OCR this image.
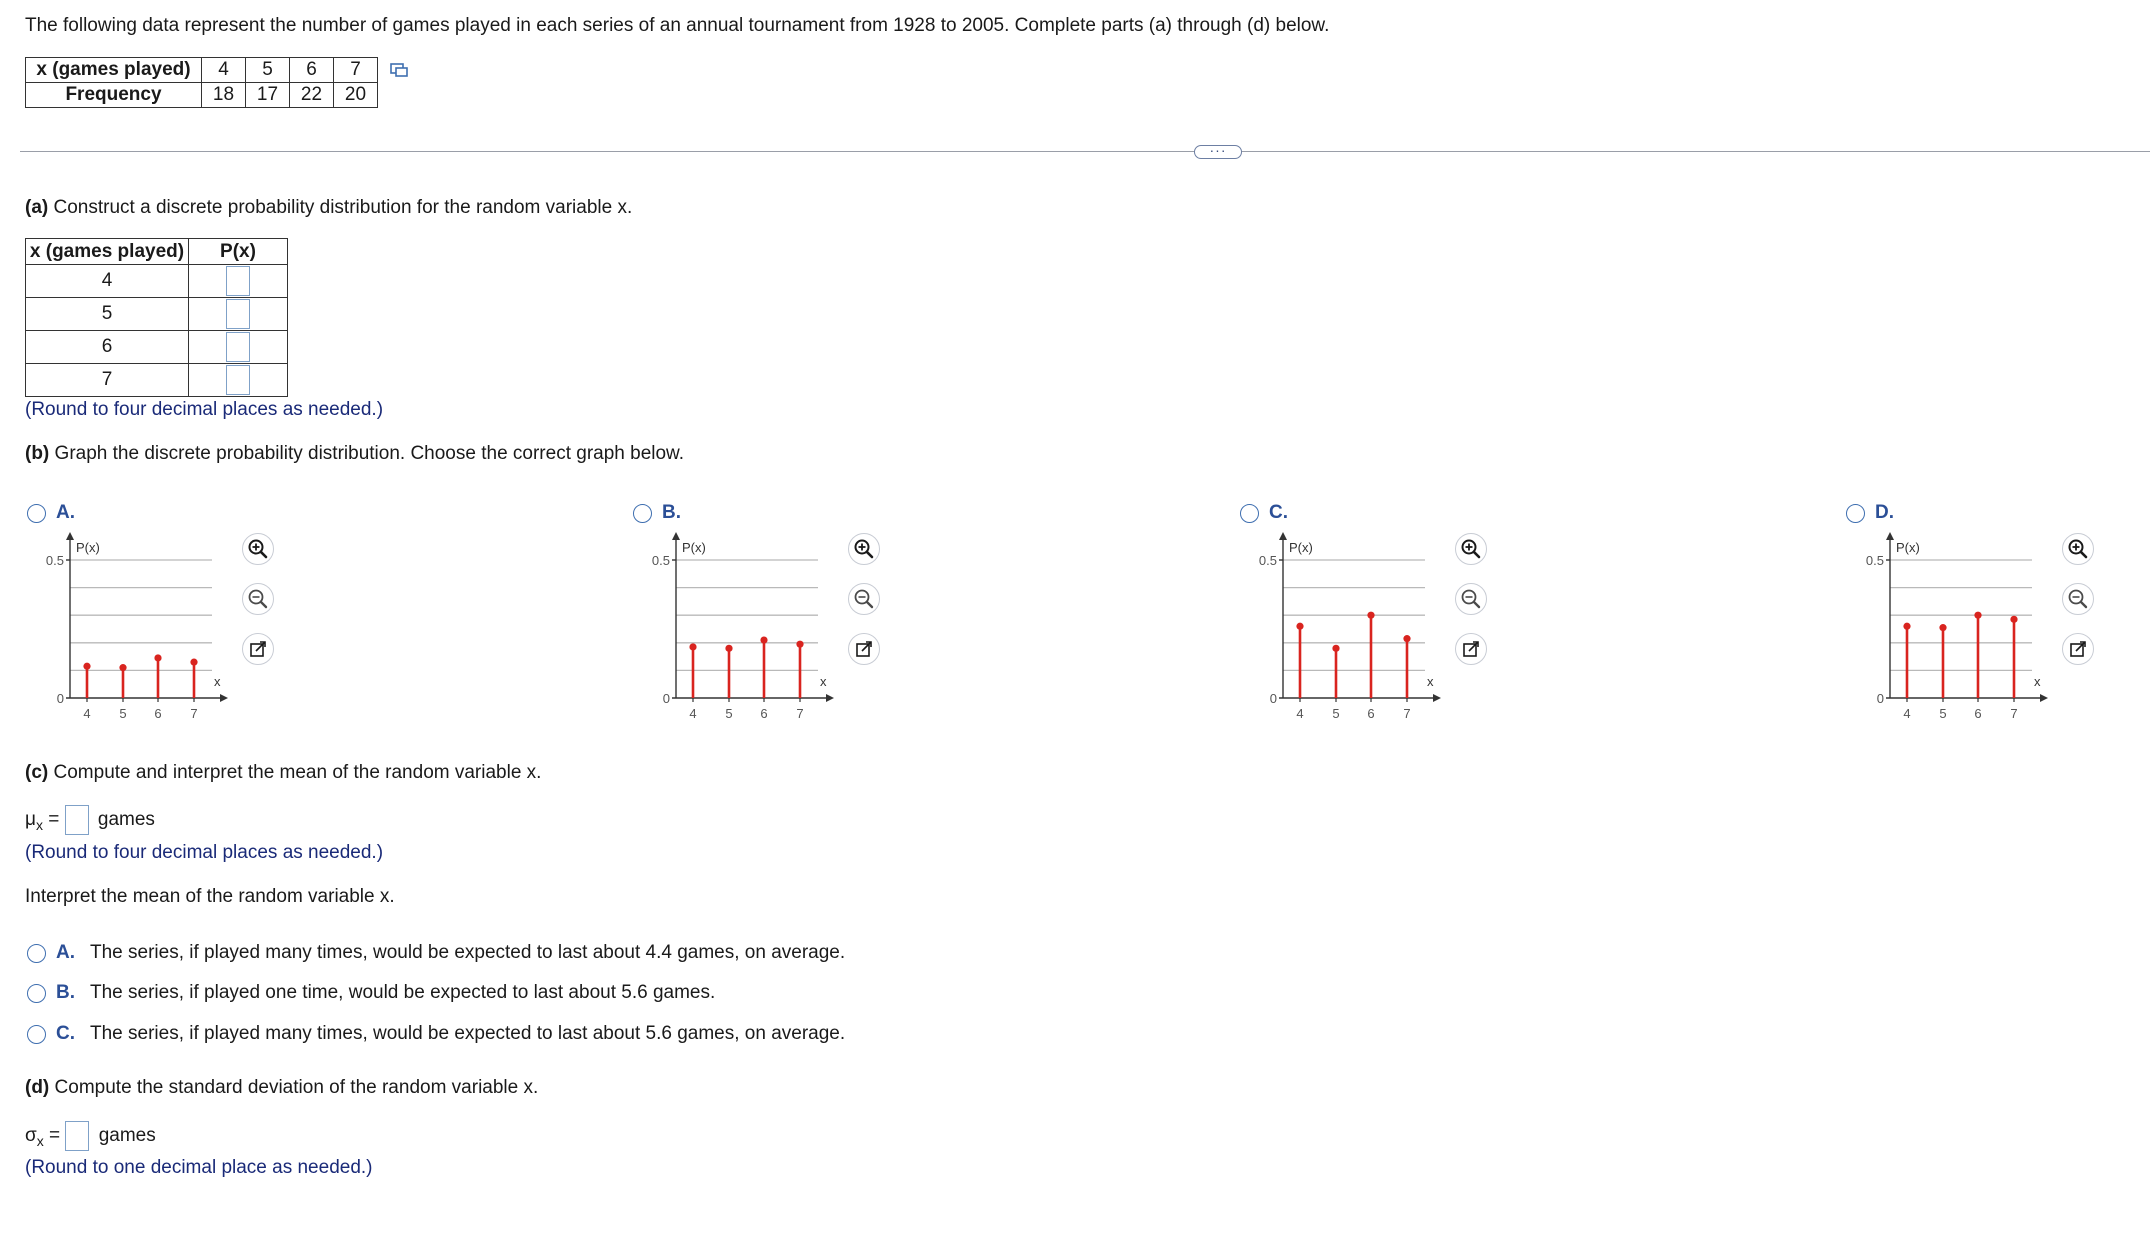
The following data represent the number of games played in each series of an annual tournament from 1928 to 2005. Complete parts (a) through (d) below.
x (games played)	4	5	6	7
Frequency	18	17	22	20
···
(a) Construct a discrete probability distribution for the random variable x.
x (games played)	P(x)
4	
5	
6	
7	
(Round to four decimal places as needed.)
(b) Graph the discrete probability distribution. Choose the correct graph below.
A.	B.	C.	D.
P(x)
0.5
0
x
4 5 6 7
P(x)
0.5
0
x
4 5 6 7
P(x)
0.5
0
x
4 5 6 7
P(x)
0.5
0
x
4 5 6 7
(c) Compute and interpret the mean of the random variable x.
$\mu_x$ = games
(Round to four decimal places as needed.)
Interpret the mean of the random variable x.
A. The series, if played many times, would be expected to last about 4.4 games, on average.
B. The series, if played one time, would be expected to last about 5.6 games.
C. The series, if played many times, would be expected to last about 5.6 games, on average.
(d) Compute the standard deviation of the random variable x.
$\sigma_x$ = games
(Round to one decimal place as needed.)
